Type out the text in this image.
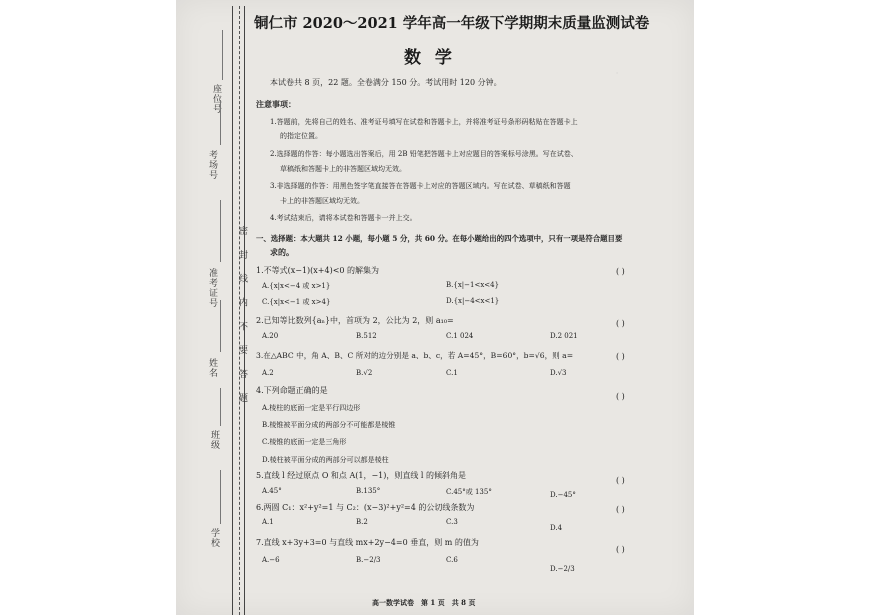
．
密 封 线 内 不 要 答 题
座位号
考场号
准考证号
姓名
班级
学校
铜仁市 2020～2021 学年高一年级下学期期末质量监测试卷
数 学
本试卷共 8 页，22 题。全卷满分 150 分。考试用时 120 分钟。
注意事项：
1.答题前，先将自己的姓名、准考证号填写在试卷和答题卡上，并将准考证号条形码粘贴在答题卡上
的指定位置。
2.选择题的作答：每小题选出答案后，用 2B 铅笔把答题卡上对应题目的答案标号涂黑。写在试卷、
草稿纸和答题卡上的非答题区域均无效。
3.非选择题的作答：用黑色签字笔直接答在答题卡上对应的答题区域内。写在试卷、草稿纸和答题
卡上的非答题区域均无效。
4.考试结束后，请将本试卷和答题卡一并上交。
一、选择题：本大题共 12 小题，每小题 5 分，共 60 分。在每小题给出的四个选项中，只有一项是符合题目要
求的。
1.不等式(x−1)(x+4)<0 的解集为	( )
A.{x|x<−4 或 x>1}	B.{x|−1<x<4}
C.{x|x<−1 或 x>4}	D.{x|−4<x<1}
2.已知等比数列{aₙ}中，首项为 2，公比为 2，则 a₁₀=	( )
A.20	B.512	C.1 024	D.2 021
3.在△ABC 中，角 A、B、C 所对的边分别是 a、b、c，若 A=45°，B=60°，b=√6，则 a=	( )
A.2	B.√2	C.1	D.√3
4.下列命题正确的是
( )
A.棱柱的底面一定是平行四边形
B.棱锥被平面分成的两部分不可能都是棱锥
C.棱锥的底面一定是三角形
D.棱柱被平面分成的两部分可以都是棱柱
5.直线 l 经过原点 O 和点 A(1，−1)，则直线 l 的倾斜角是
( )
A.45°	B.135°	C.45°或 135°	D.−45°
6.两圆 C₁：x²+y²=1 与 C₂：(x−3)²+y²=4 的公切线条数为	( )
A.1	B.2	C.3
D.4
7.直线 x+3y+3=0 与直线 mx+2y−4=0 垂直，则 m 的值为
( )
A.−6	B.−2/3	C.6
D.−2/3
高一数学试卷　第 1 页　共 8 页
